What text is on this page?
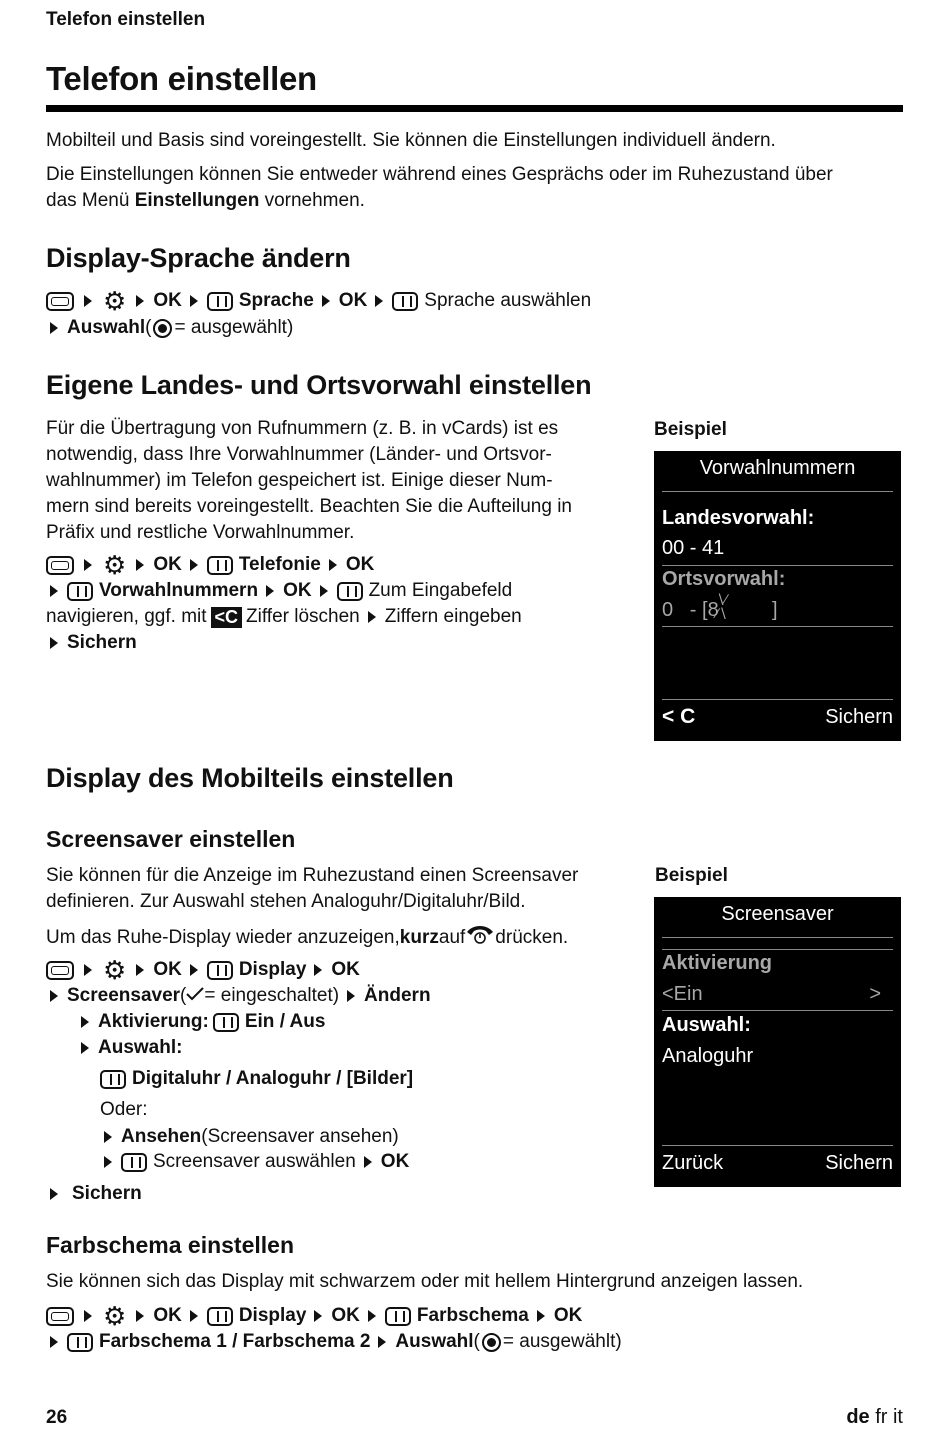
Telefon einstellen
Telefon einstellen
Mobilteil und Basis sind voreingestellt. Sie können die Einstellungen individuell ändern.
Die Einstellungen können Sie entweder während eines Gesprächs oder im Ruhezustand über
das Menü Einstellungen vornehmen.
Display-Sprache ändern
⚙ OK	Sprache OK	Sprache auswählen
Auswahl ( = ausgewählt)
Eigene Landes- und Ortsvorwahl einstellen
Für die Übertragung von Rufnummern (z. B. in vCards) ist es
notwendig, dass Ihre Vorwahlnummer (Länder- und Ortsvor-
wahlnummer) im Telefon gespeichert ist. Einige dieser Num-
mern sind bereits voreingestellt. Beachten Sie die Aufteilung in
Präfix und restliche Vorwahlnummer.
⚙ OK	Telefonie OK
Vorwahlnummern OK	Zum Eingabefeld
navigieren, ggf. mit <C Ziffer löschen Ziffern eingeben
Sichern
Beispiel
Vorwahlnummern
Landesvorwahl:
00 - 41
Ortsvorwahl:
0   - [8
∖∕
∕∖ ]
< C	Sichern
Display des Mobilteils einstellen
Screensaver einstellen
Sie können für die Anzeige im Ruhezustand einen Screensaver
definieren. Zur Auswahl stehen Analoguhr/Digitaluhr/Bild.
Um das Ruhe-Display wieder anzuzeigen, kurz auf drücken.
⚙ OK	Display OK
Screensaver ( = eingeschaltet) Ändern
Aktivierung: Ein / Aus
Auswahl:
Digitaluhr / Analoguhr / [Bilder]
Oder:
Ansehen (Screensaver ansehen)
Screensaver auswählen OK
Sichern
Beispiel
Screensaver
Aktivierung
<Ein	>
Auswahl:
Analoguhr
Zurück	Sichern
Farbschema einstellen
Sie können sich das Display mit schwarzem oder mit hellem Hintergrund anzeigen lassen.
⚙ OK	Display OK	Farbschema OK
Farbschema 1 / Farbschema 2 Auswahl ( = ausgewählt)
26	de fr it
